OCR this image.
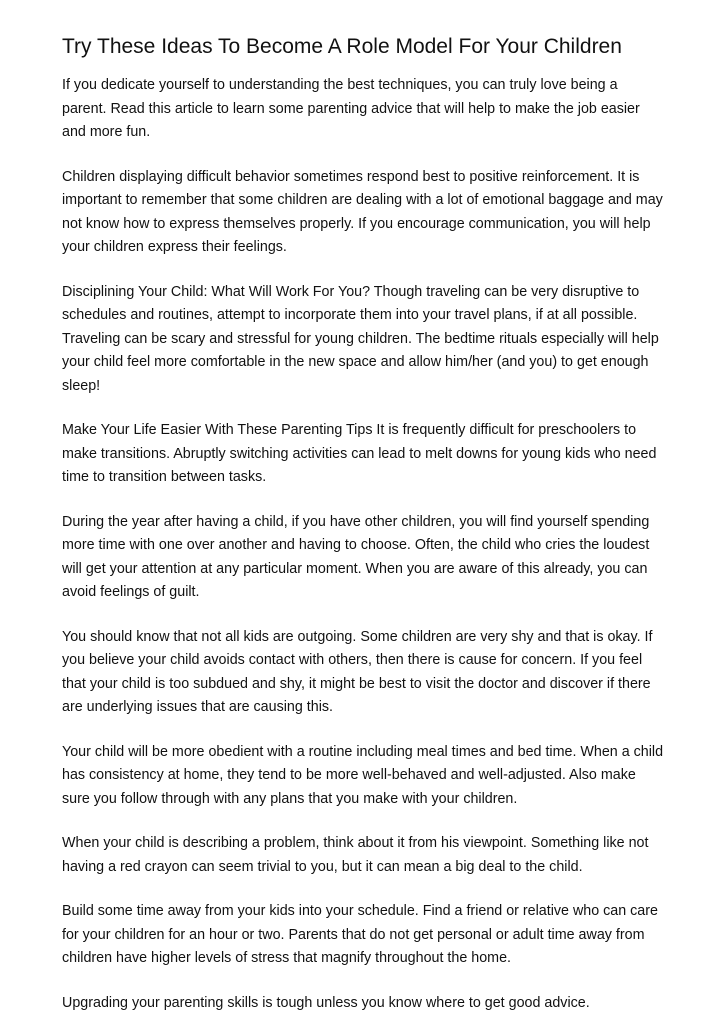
Try These Ideas To Become A Role Model For Your Children

If you dedicate yourself to understanding the best techniques, you can truly love being a parent. Read this article to learn some parenting advice that will help to make the job easier and more fun.

Children displaying difficult behavior sometimes respond best to positive reinforcement. It is important to remember that some children are dealing with a lot of emotional baggage and may not know how to express themselves properly. If you encourage communication, you will help your children express their feelings.

Disciplining Your Child: What Will Work For You? Though traveling can be very disruptive to schedules and routines, attempt to incorporate them into your travel plans, if at all possible. Traveling can be scary and stressful for young children. The bedtime rituals especially will help your child feel more comfortable in the new space and allow him/her (and you) to get enough sleep!

Make Your Life Easier With These Parenting Tips It is frequently difficult for preschoolers to make transitions. Abruptly switching activities can lead to melt downs for young kids who need time to transition between tasks.

During the year after having a child, if you have other children, you will find yourself spending more time with one over another and having to choose. Often, the child who cries the loudest will get your attention at any particular moment. When you are aware of this already, you can avoid feelings of guilt.

You should know that not all kids are outgoing. Some children are very shy and that is okay. If you believe your child avoids contact with others, then there is cause for concern. If you feel that your child is too subdued and shy, it might be best to visit the doctor and discover if there are underlying issues that are causing this.

Your child will be more obedient with a routine including meal times and bed time. When a child has consistency at home, they tend to be more well-behaved and well-adjusted. Also make sure you follow through with any plans that you make with your children.

When your child is describing a problem, think about it from his viewpoint. Something like not having a red crayon can seem trivial to you, but it can mean a big deal to the child.

Build some time away from your kids into your schedule. Find a friend or relative who can care for your children for an hour or two. Parents that do not get personal or adult time away from children have higher levels of stress that magnify throughout the home.

Upgrading your parenting skills is tough unless you know where to get good advice.
